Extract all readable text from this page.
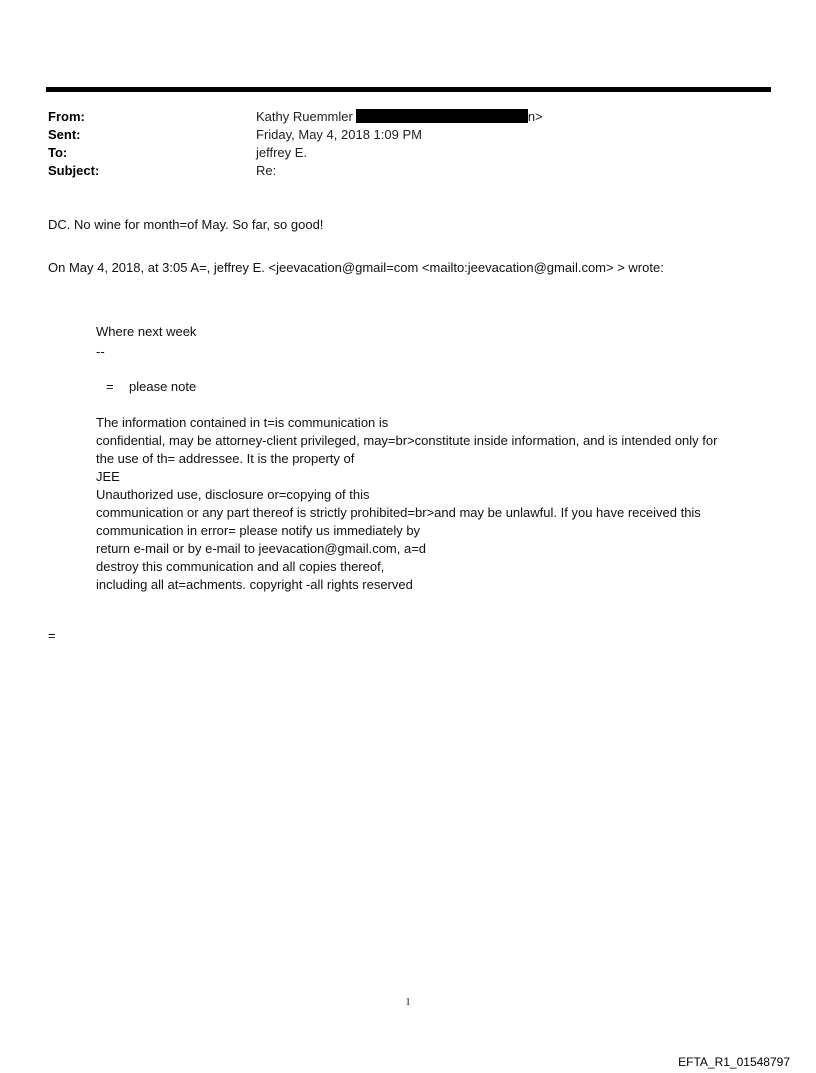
From:	Kathy Ruemmler	n>
Sent:	Friday, May 4, 2018 1:09 PM
To:	jeffrey E.
Subject:	Re:
DC. No wine for month=of May. So far, so good!
On May 4, 2018, at 3:05 A=, jeffrey E. <jeevacation@gmail=com <mailto:jeevacation@gmail.com> > wrote:

Where next week

--

= please note

The information contained in t=is communication is
confidential, may be attorney-client privileged, may=br>constitute inside information, and is intended only for
the use of th= addressee. It is the property of
JEE
Unauthorized use, disclosure or=copying of this
communication or any part thereof is strictly prohibited=br>and may be unlawful. If you have received this
communication in error= please notify us immediately by
return e-mail or by e-mail to jeevacation@gmail.com, a=d
destroy this communication and all copies thereof,
including all at=achments. copyright -all rights reserved
=
1
EFTA_R1_01548797
